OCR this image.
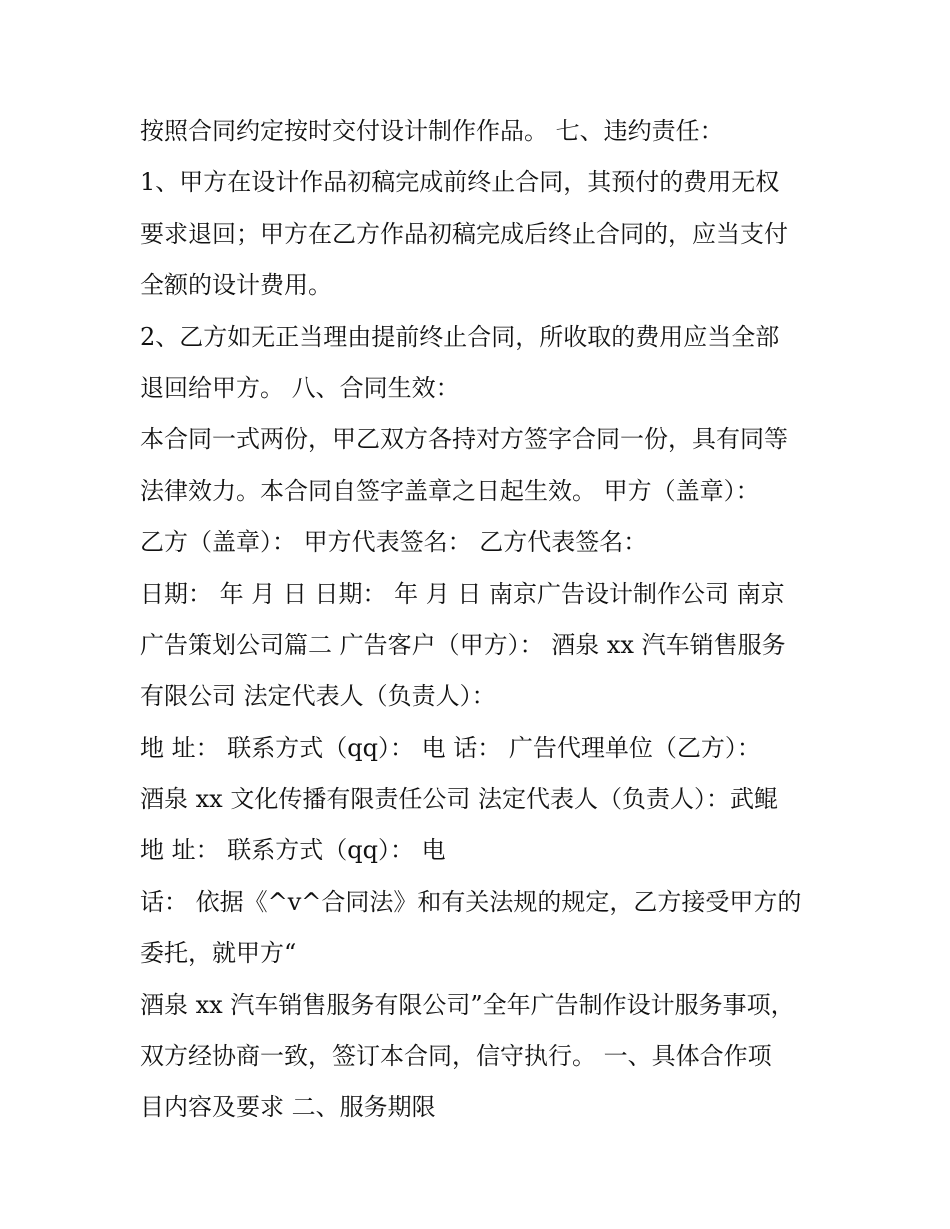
按照合同约定按时交付设计制作作品。 七、违约责任：
1、甲方在设计作品初稿完成前终止合同，其预付的费用无权
要求退回；甲方在乙方作品初稿完成后终止合同的，应当支付
全额的设计费用。
2、乙方如无正当理由提前终止合同，所收取的费用应当全部
退回给甲方。 八、合同生效：
本合同一式两份，甲乙双方各持对方签字合同一份，具有同等
法律效力。本合同自签字盖章之日起生效。 甲方（盖章）：
乙方（盖章）： 甲方代表签名： 乙方代表签名：
日期： 年 月 日 日期： 年 月 日 南京广告设计制作公司 南京
广告策划公司篇二 广告客户（甲方）： 酒泉 xx 汽车销售服务
有限公司 法定代表人（负责人）：
地 址： 联系方式（qq）： 电 话： 广告代理单位（乙方）：
酒泉 xx 文化传播有限责任公司 法定代表人（负责人）：武鲲
地 址： 联系方式（qq）： 电
话： 依据《^v^合同法》和有关法规的规定，乙方接受甲方的
委托，就甲方“
酒泉 xx 汽车销售服务有限公司”全年广告制作设计服务事项，
双方经协商一致，签订本合同，信守执行。 一、具体合作项
目内容及要求 二、服务期限
